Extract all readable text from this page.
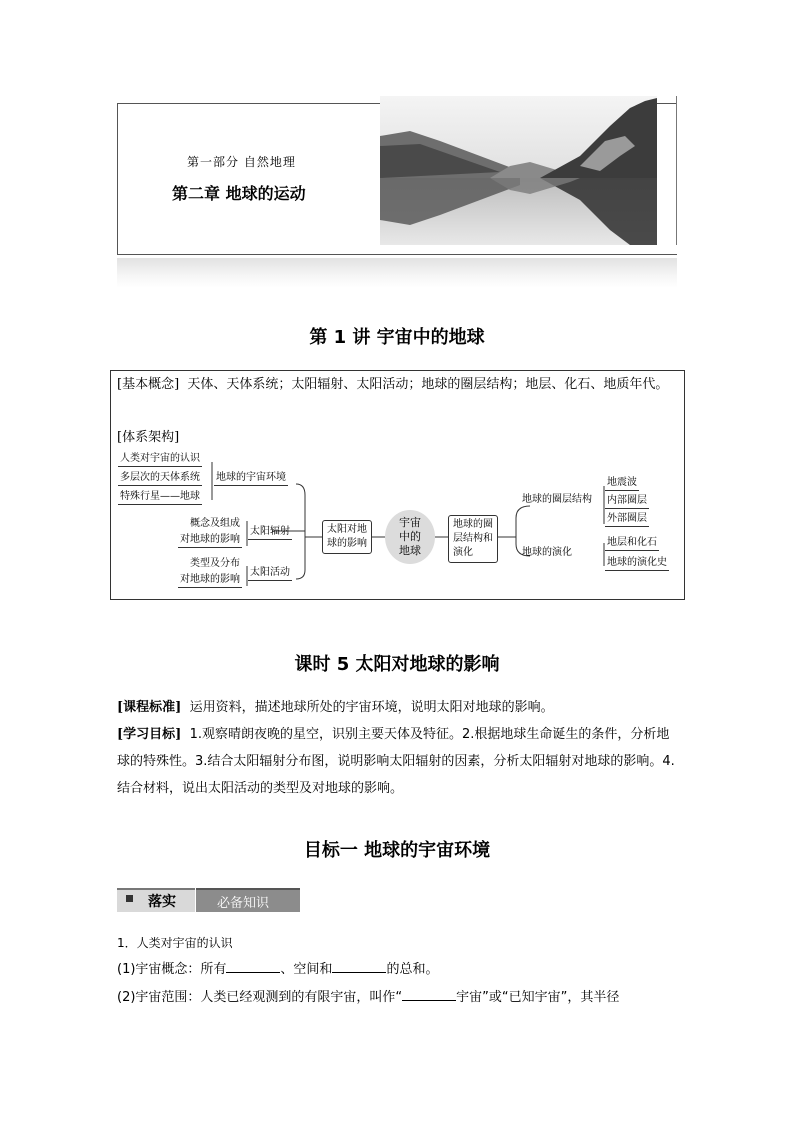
第一部分 自然地理
第二章 地球的运动
第 1 讲 宇宙中的地球
[基本概念] 天体、天体系统；太阳辐射、太阳活动；地球的圈层结构；地层、化石、地质年代。
[体系架构]
人类对宇宙的认识
多层次的天体系统
特殊行星——地球
地球的宇宙环境
概念及组成
对地球的影响
太阳辐射
类型及分布
对地球的影响
太阳活动
太阳对地球的影响
宇宙中的地球
地球的圈层结构和演化
地球的圈层结构
地球的演化
地震波
内部圈层
外部圈层
地层和化石
地球的演化史
课时 5 太阳对地球的影响
[课程标准] 运用资料，描述地球所处的宇宙环境，说明太阳对地球的影响。
[学习目标] 1.观察晴朗夜晚的星空，识别主要天体及特征。2.根据地球生命诞生的条件，分析地球的特殊性。3.结合太阳辐射分布图，说明影响太阳辐射的因素，分析太阳辐射对地球的影响。4.结合材料，说出太阳活动的类型及对地球的影响。
目标一 地球的宇宙环境
落实	必备知识
1．人类对宇宙的认识
(1)宇宙概念：所有	、空间和	的总和。
(2)宇宙范围：人类已经观测到的有限宇宙，叫作“	宇宙”或“已知宇宙”，其半径
